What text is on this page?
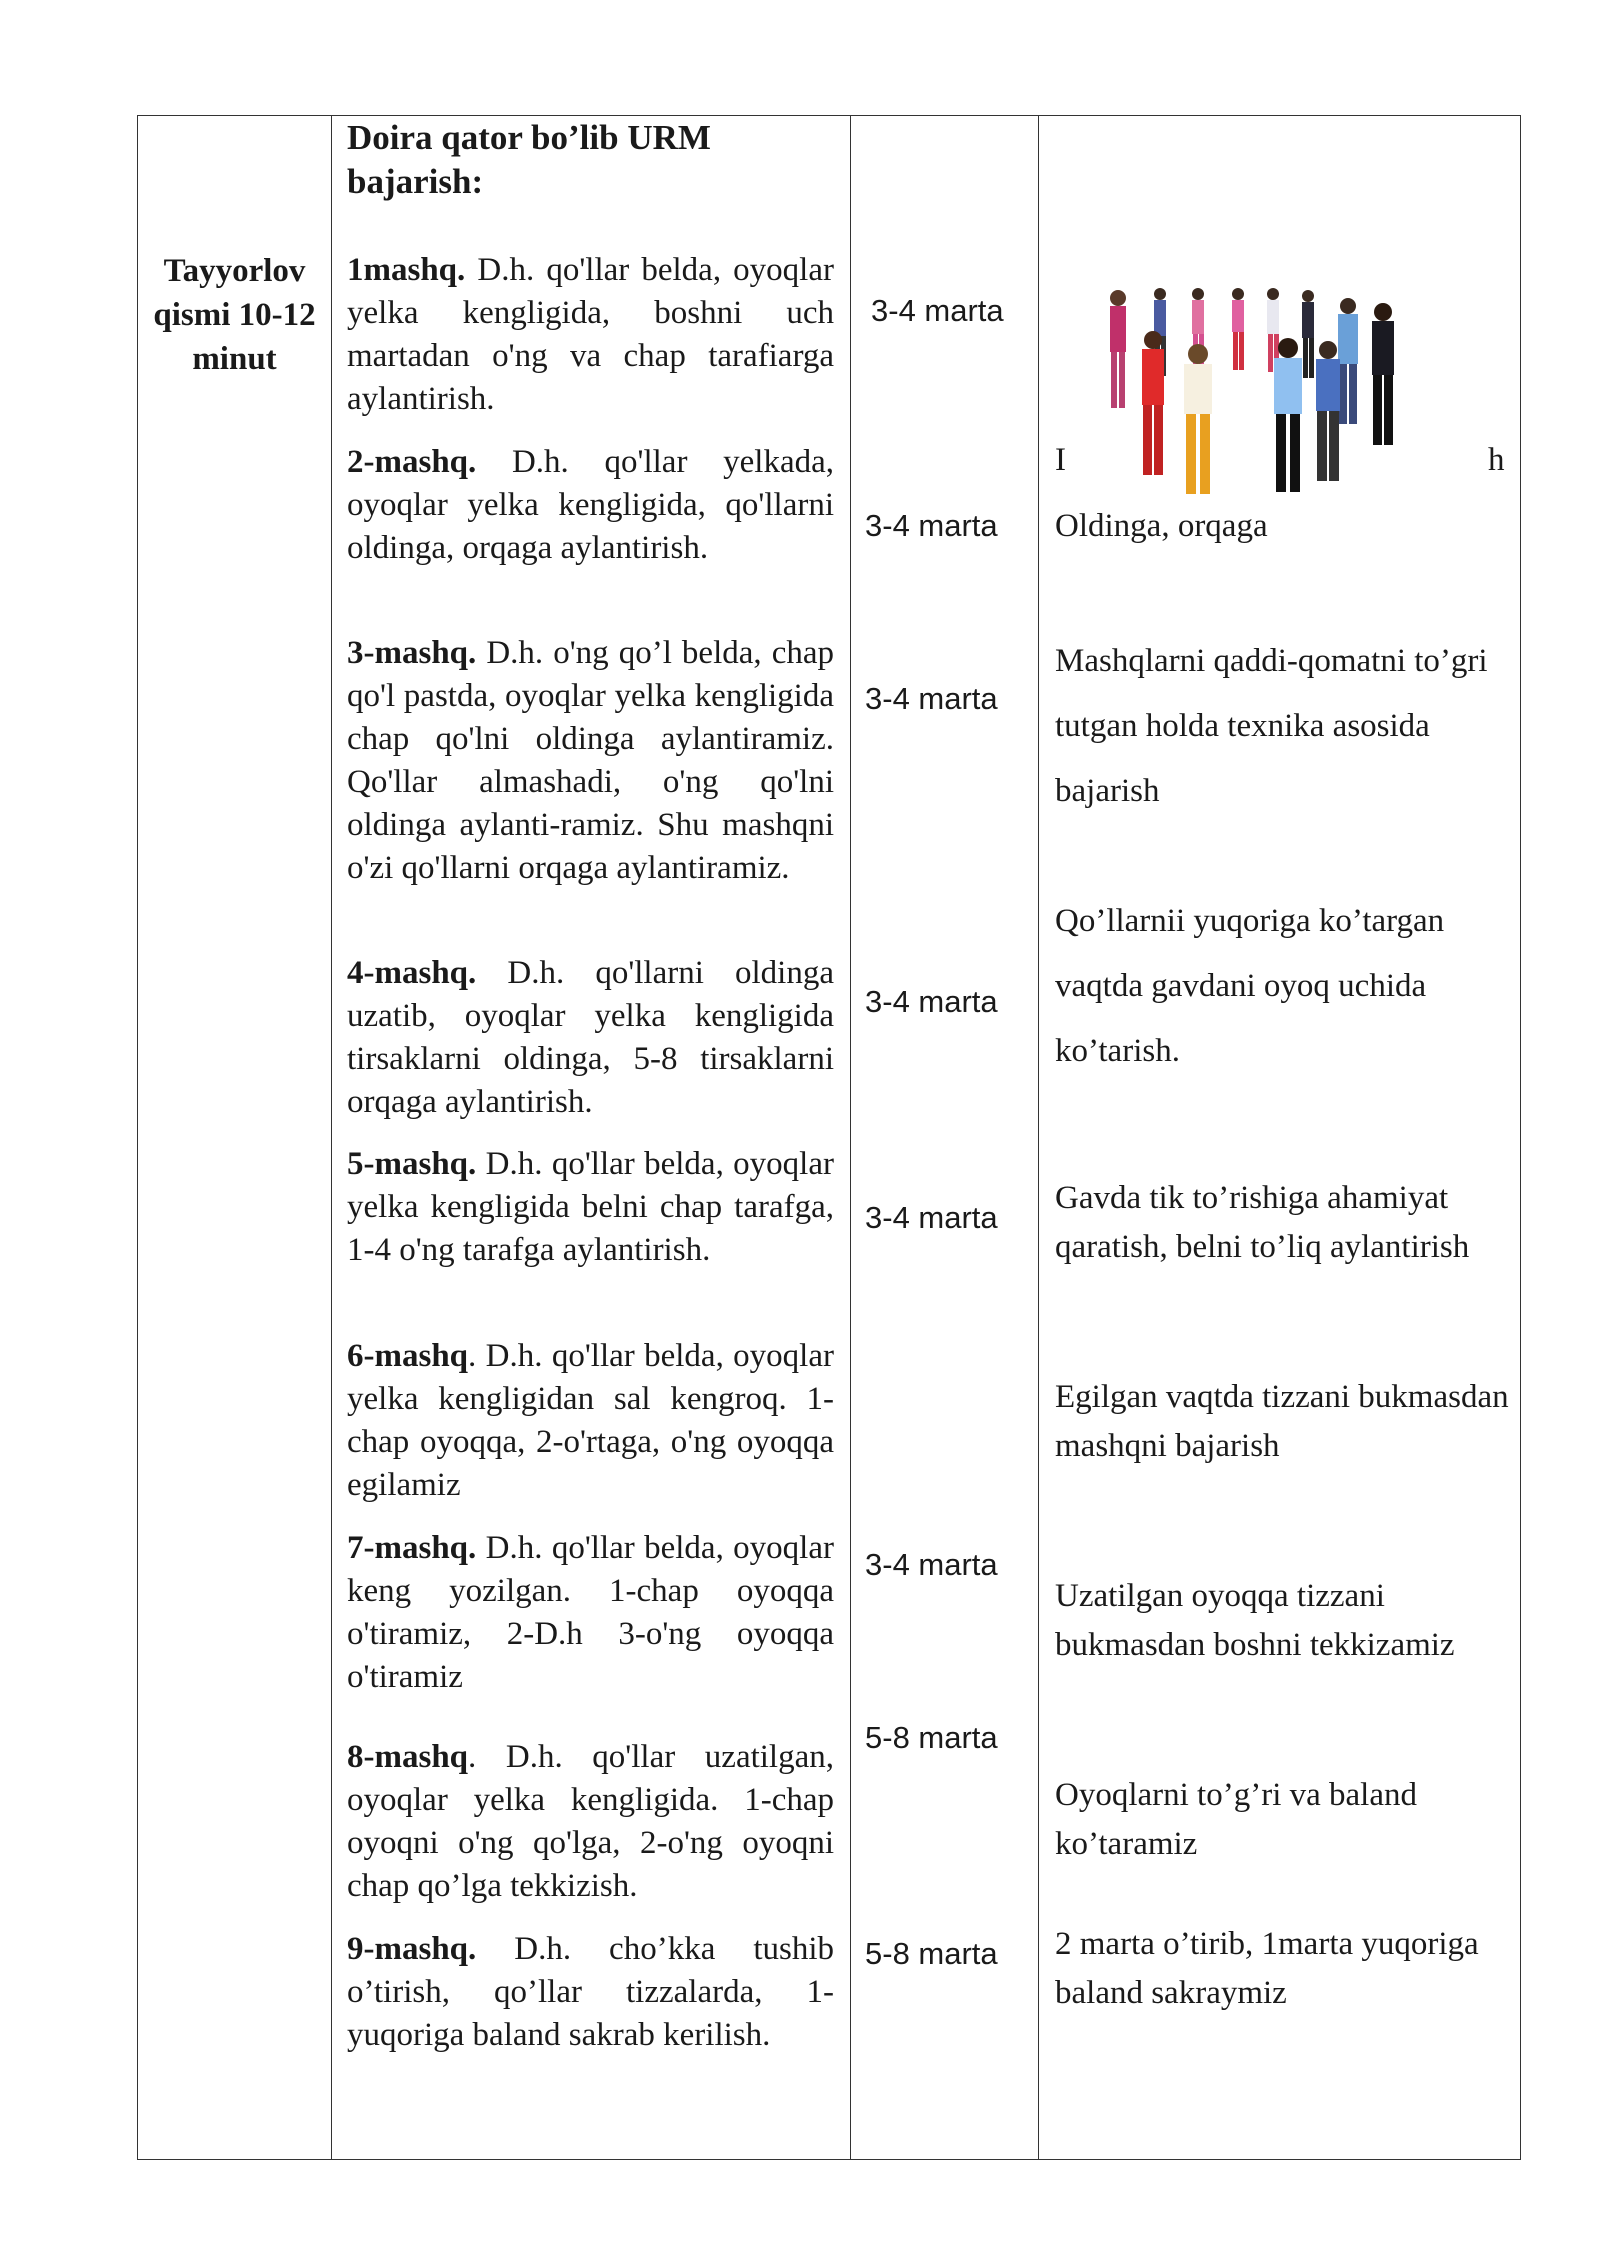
Tayyorlov qismi 10-12 minut
Doira qator bo’lib URM bajarish:
1mashq. D.h. qo'llar belda, oyoqlar yelka kengligida, boshni uch martadan o'ng va chap tarafiarga aylantirish.
2-mashq. D.h. qo'llar yelkada, oyoqlar yelka kengligida, qo'llarni oldinga, orqaga aylantirish.
3-mashq. D.h. o'ng qo’l belda, chap qo'l pastda, oyoqlar yelka kengligida chap qo'lni oldinga aylantiramiz. Qo'llar almashadi, o'ng qo'lni oldinga aylanti-ramiz. Shu mashqni o'zi qo'llarni orqaga aylantiramiz.
4-mashq. D.h. qo'llarni oldinga uzatib, oyoqlar yelka kengligida tirsaklarni oldinga, 5-8 tirsaklarni orqaga aylantirish.
5-mashq. D.h. qo'llar belda, oyoqlar yelka kengligida belni chap tarafga, 1-4 o'ng tarafga aylantirish.
6-mashq. D.h. qo'llar belda, oyoqlar yelka kengligidan sal kengroq. 1-chap oyoqqa, 2-o'rtaga, o'ng oyoqqa egilamiz
7-mashq. D.h. qo'llar belda, oyoqlar keng yozilgan. 1-chap oyoqqa o'tiramiz, 2-D.h 3-o'ng oyoqqa o'tiramiz
8-mashq. D.h. qo'llar uzatilgan, oyoqlar yelka kengligida. 1-chap oyoqni o'ng qo'lga, 2-o'ng oyoqni chap qo’lga tekkizish.
9-mashq. D.h. cho’kka tushib o’tirish, qo’llar tizzalarda, 1-yuqoriga baland sakrab kerilish.
3-4 marta
3-4 marta
3-4 marta
3-4 marta
3-4 marta
3-4 marta
5-8 marta
5-8 marta
I	h
Oldinga, orqaga
Mashqlarni qaddi-qomatni to’gri tutgan holda texnika asosida bajarish
Qo’llarnii yuqoriga ko’targan vaqtda gavdani oyoq uchida ko’tarish.
Gavda tik to’rishiga ahamiyat qaratish, belni to’liq aylantirish
Egilgan vaqtda tizzani bukmasdan mashqni bajarish
Uzatilgan oyoqqa tizzani bukmasdan boshni tekkizamiz
Oyoqlarni to’g’ri va baland ko’taramiz
2 marta o’tirib, 1marta yuqoriga baland sakraymiz
